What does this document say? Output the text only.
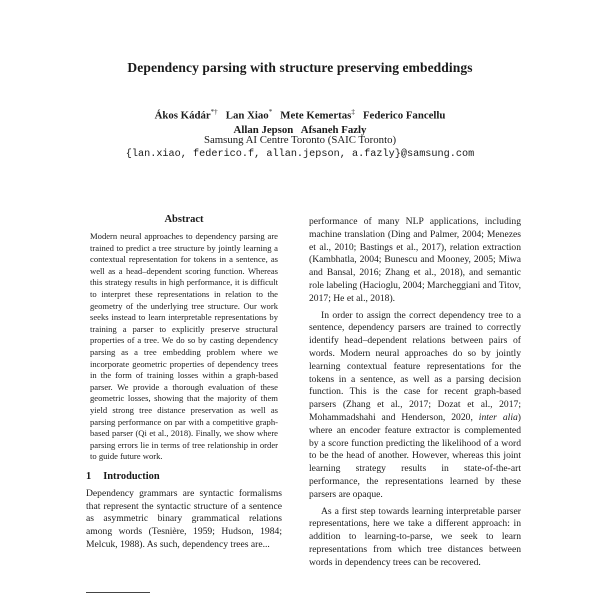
Dependency parsing with structure preserving embeddings
Ákos Kádár*† Lan Xiao* Mete Kemertas‡ Federico Fancellu
Allan Jepson Afsaneh Fazly
Samsung AI Centre Toronto (SAIC Toronto)
{lan.xiao, federico.f, allan.jepson, a.fazly}@samsung.com
Abstract
Modern neural approaches to dependency parsing are trained to predict a tree structure by jointly learning a contextual representation for tokens in a sentence, as well as a head–dependent scoring function. Whereas this strategy results in high performance, it is difficult to interpret these representations in relation to the geometry of the underlying tree structure. Our work seeks instead to learn interpretable representations by training a parser to explicitly preserve structural properties of a tree. We do so by casting dependency parsing as a tree embedding problem where we incorporate geometric properties of dependency trees in the form of training losses within a graph-based parser. We provide a thorough evaluation of these geometric losses, showing that the majority of them yield strong tree distance preservation as well as parsing performance on par with a competitive graph-based parser (Qi et al., 2018). Finally, we show where parsing errors lie in terms of tree relationship in order to guide future work.
1 Introduction

Dependency grammars are syntactic formalisms that represent the syntactic structure of a sentence as asymmetric binary grammatical relations among words (Tesnière, 1959; Hudson, 1984; Melcuk, 1988). As such, dependency trees are...

performance of many NLP applications, including machine translation (Ding and Palmer, 2004; Menezes et al., 2010; Bastings et al., 2017), relation extraction (Kambhatla, 2004; Bunescu and Mooney, 2005; Miwa and Bansal, 2016; Zhang et al., 2018), and semantic role labeling (Hacioglu, 2004; Marcheggiani and Titov, 2017; He et al., 2018).

In order to assign the correct dependency tree to a sentence, dependency parsers are trained to correctly identify head–dependent relations between pairs of words. Modern neural approaches do so by jointly learning contextual feature representations for the tokens in a sentence, as well as a parsing decision function. This is the case for recent graph-based parsers (Zhang et al., 2017; Dozat et al., 2017; Mohammadshahi and Henderson, 2020, inter alia) where an encoder feature extractor is complemented by a score function predicting the likelihood of a word to be the head of another. However, whereas this joint learning strategy results in state-of-the-art performance, the representations learned by these parsers are opaque.

As a first step towards learning interpretable parser representations, here we take a different approach: in addition to learning-to-parse, we seek to learn representations from which tree distances between words in dependency trees can be recovered.
